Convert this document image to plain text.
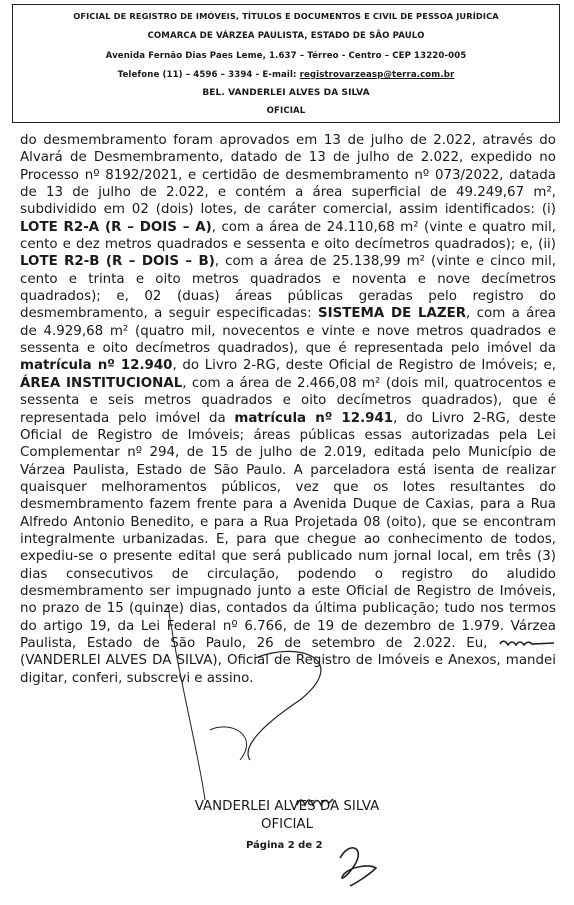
OFICIAL DE REGISTRO DE IMÓVEIS, TÍTULOS E DOCUMENTOS E CIVIL DE PESSOA JURÍDICA
COMARCA DE VÁRZEA PAULISTA, ESTADO DE SÃO PAULO
Avenida Fernão Dias Paes Leme, 1.637 – Térreo - Centro – CEP 13220-005
Telefone (11) – 4596 – 3394 - E-mail: registrovarzeasp@terra.com.br
BEL. VANDERLEI ALVES DA SILVA
OFICIAL
do desmembramento foram aprovados em 13 de julho de 2.022, através do Alvará de Desmembramento, datado de 13 de julho de 2.022, expedido no Processo nº 8192/2021, e certidão de desmembramento nº 073/2022, datada de 13 de julho de 2.022, e contém a área superficial de 49.249,67 m², subdividido em 02 (dois) lotes, de caráter comercial, assim identificados: (i) LOTE R2-A (R – DOIS – A), com a área de 24.110,68 m² (vinte e quatro mil, cento e dez metros quadrados e sessenta e oito decímetros quadrados); e, (ii) LOTE R2-B (R – DOIS – B), com a área de 25.138,99 m² (vinte e cinco mil, cento e trinta e oito metros quadrados e noventa e nove decímetros quadrados); e, 02 (duas) áreas públicas geradas pelo registro do desmembramento, a seguir especificadas: SISTEMA DE LAZER, com a área de 4.929,68 m² (quatro mil, novecentos e vinte e nove metros quadrados e sessenta e oito decímetros quadrados), que é representada pelo imóvel da matrícula nº 12.940, do Livro 2-RG, deste Oficial de Registro de Imóveis; e, ÁREA INSTITUCIONAL, com a área de 2.466,08 m² (dois mil, quatrocentos e sessenta e seis metros quadrados e oito decímetros quadrados), que é representada pelo imóvel da matrícula nº 12.941, do Livro 2-RG, deste Oficial de Registro de Imóveis; áreas públicas essas autorizadas pela Lei Complementar nº 294, de 15 de julho de 2.019, editada pelo Município de Várzea Paulista, Estado de São Paulo. A parceladora está isenta de realizar quaisquer melhoramentos públicos, vez que os lotes resultantes do desmembramento fazem frente para a Avenida Duque de Caxias, para a Rua Alfredo Antonio Benedito, e para a Rua Projetada 08 (oito), que se encontram integralmente urbanizadas. E, para que chegue ao conhecimento de todos, expediu-se o presente edital que será publicado num jornal local, em três (3) dias consecutivos de circulação, podendo o registro do aludido desmembramento ser impugnado junto a este Oficial de Registro de Imóveis, no prazo de 15 (quinze) dias, contados da última publicação; tudo nos termos do artigo 19, da Lei Federal nº 6.766, de 19 de dezembro de 1.979. Várzea Paulista, Estado de São Paulo, 26 de setembro de 2.022. Eu, (VANDERLEI ALVES DA SILVA), Oficial de Registro de Imóveis e Anexos, mandei digitar, conferi, subscrevi e assino.
VANDERLEI ALVES DA SILVA
OFICIAL
Página 2 de 2
